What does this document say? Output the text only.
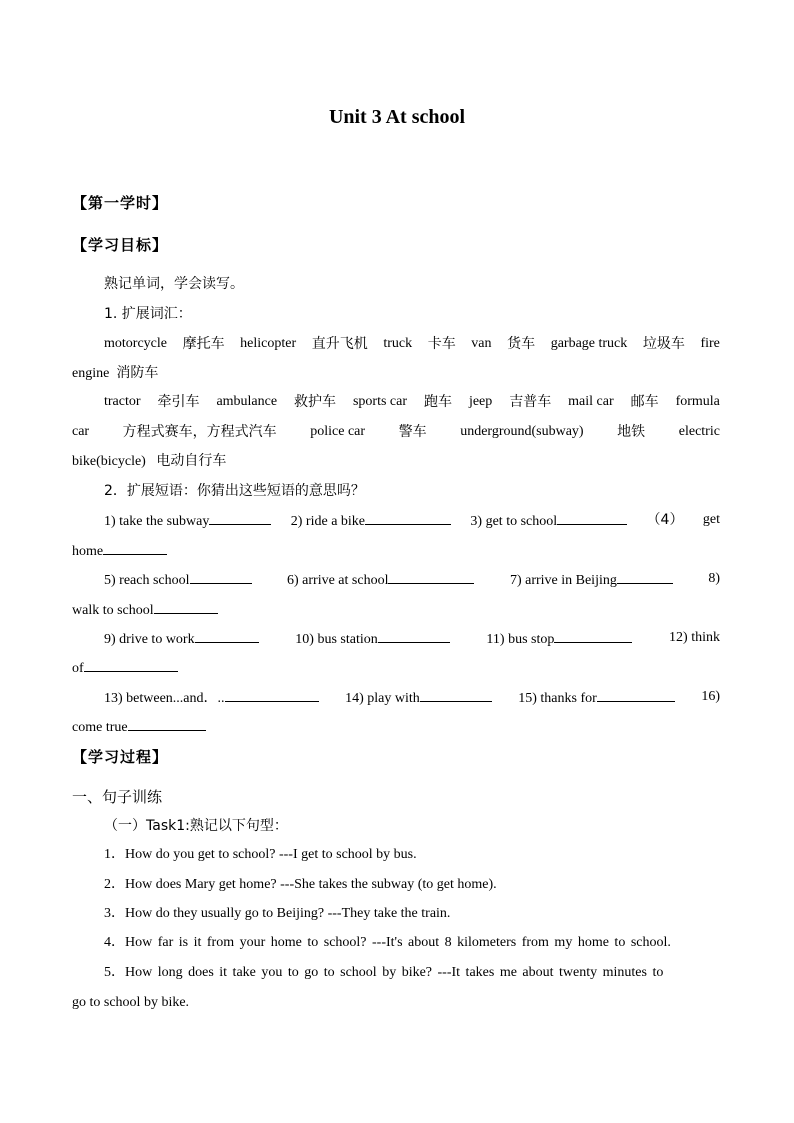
Unit 3 At school
【第一学时】
【学习目标】
熟记单词，学会读写。
1. 扩展词汇：
motorcycle 摩托车 helicopter 直升飞机 truck 卡车 van 货车 garbage truck 垃圾车 fire
engine 消防车
tractor 牵引车 ambulance 救护车 sports car 跑车 jeep 吉普车 mail car 邮车 formula
car 方程式赛车，方程式汽车 police car 警车 underground(subway) 地铁 electric
bike(bicycle) 电动自行车
2．扩展短语：你猜出这些短语的意思吗？
1) take the subway	2) ride a bike	3) get to school	（4） get
home
5) reach school	6) arrive at school	7) arrive in Beijing	8)
walk to school
9) drive to work	10) bus station	11) bus stop	12) think
of
13) between...and．..	14) play with	15) thanks for	16)
come true
【学习过程】
一、句子训练
（一）Task1:熟记以下句型：
1．How do you get to school? ---I get to school by bus.
2．How does Mary get home? ---She takes the subway (to get home).
3．How do they usually go to Beijing? ---They take the train.
4．How far is it from your home to school? ---It's about 8 kilometers from my home to school.
5．How long does it take you to go to school by bike? ---It takes me about twenty minutes to
go to school by bike.
